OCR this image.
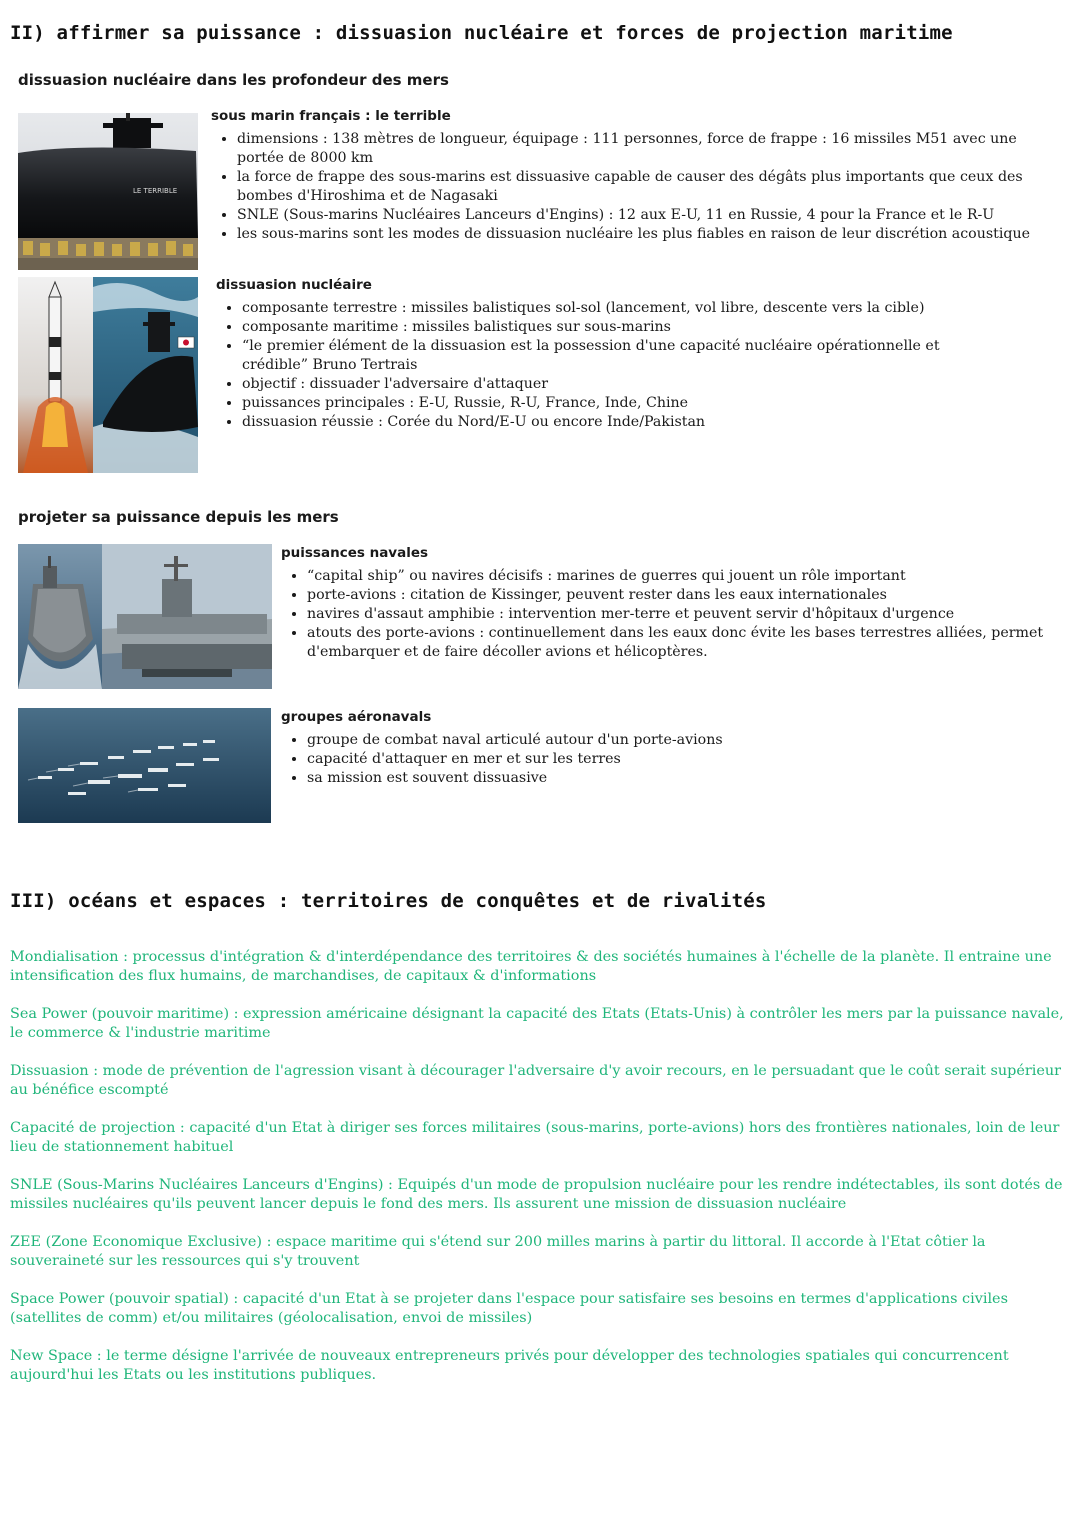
II) affirmer sa puissance : dissuasion nucléaire et forces de projection maritime
dissuasion nucléaire dans les profondeur des mers
LE TERRIBLE
sous marin français : le terrible
• dimensions : 138 mètres de longueur, équipage : 111 personnes, force de frappe : 16 missiles M51 avec une portée de 8000 km
• la force de frappe des sous-marins est dissuasive capable de causer des dégâts plus importants que ceux des bombes d'Hiroshima et de Nagasaki
• SNLE (Sous-marins Nucléaires Lanceurs d'Engins) : 12 aux E-U, 11 en Russie, 4 pour la France et le R-U
• les sous-marins sont les modes de dissuasion nucléaire les plus fiables en raison de leur discrétion acoustique
dissuasion nucléaire
• composante terrestre : missiles balistiques sol-sol (lancement, vol libre, descente vers la cible)
• composante maritime : missiles balistiques sur sous-marins
• “le premier élément de la dissuasion est la possession d'une capacité nucléaire opérationnelle et crédible” Bruno Tertrais
• objectif : dissuader l'adversaire d'attaquer
• puissances principales : E-U, Russie, R-U, France, Inde, Chine
• dissuasion réussie : Corée du Nord/E-U ou encore Inde/Pakistan
projeter sa puissance depuis les mers
puissances navales
• “capital ship” ou navires décisifs : marines de guerres qui jouent un rôle important
• porte-avions : citation de Kissinger, peuvent rester dans les eaux internationales
• navires d'assaut amphibie : intervention mer-terre et peuvent servir d'hôpitaux d'urgence
• atouts des porte-avions : continuellement dans les eaux donc évite les bases terrestres alliées, permet d'embarquer et de faire décoller avions et hélicoptères.
groupes aéronavals
• groupe de combat naval articulé autour d'un porte-avions
• capacité d'attaquer en mer et sur les terres
• sa mission est souvent dissuasive
III) océans et espaces : territoires de conquêtes et de rivalités

Mondialisation : processus d'intégration & d'interdépendance des territoires & des sociétés humaines à l'échelle de la planète. Il entraine une intensification des flux humains, de marchandises, de capitaux & d'informations

Sea Power (pouvoir maritime) : expression américaine désignant la capacité des Etats (Etats-Unis) à contrôler les mers par la puissance navale, le commerce & l'industrie maritime

Dissuasion : mode de prévention de l'agression visant à décourager l'adversaire d'y avoir recours, en le persuadant que le coût serait supérieur au bénéfice escompté

Capacité de projection : capacité d'un Etat à diriger ses forces militaires (sous-marins, porte-avions) hors des frontières nationales, loin de leur lieu de stationnement habituel

SNLE (Sous-Marins Nucléaires Lanceurs d'Engins) : Equipés d'un mode de propulsion nucléaire pour les rendre indétectables, ils sont dotés de missiles nucléaires qu'ils peuvent lancer depuis le fond des mers. Ils assurent une mission de dissuasion nucléaire

ZEE (Zone Economique Exclusive) : espace maritime qui s'étend sur 200 milles marins à partir du littoral. Il accorde à l'Etat côtier la souveraineté sur les ressources qui s'y trouvent

Space Power (pouvoir spatial) : capacité d'un Etat à se projeter dans l'espace pour satisfaire ses besoins en termes d'applications civiles (satellites de comm) et/ou militaires (géolocalisation, envoi de missiles)

New Space : le terme désigne l'arrivée de nouveaux entrepreneurs privés pour développer des technologies spatiales qui concurrencent aujourd'hui les Etats ou les institutions publiques.
